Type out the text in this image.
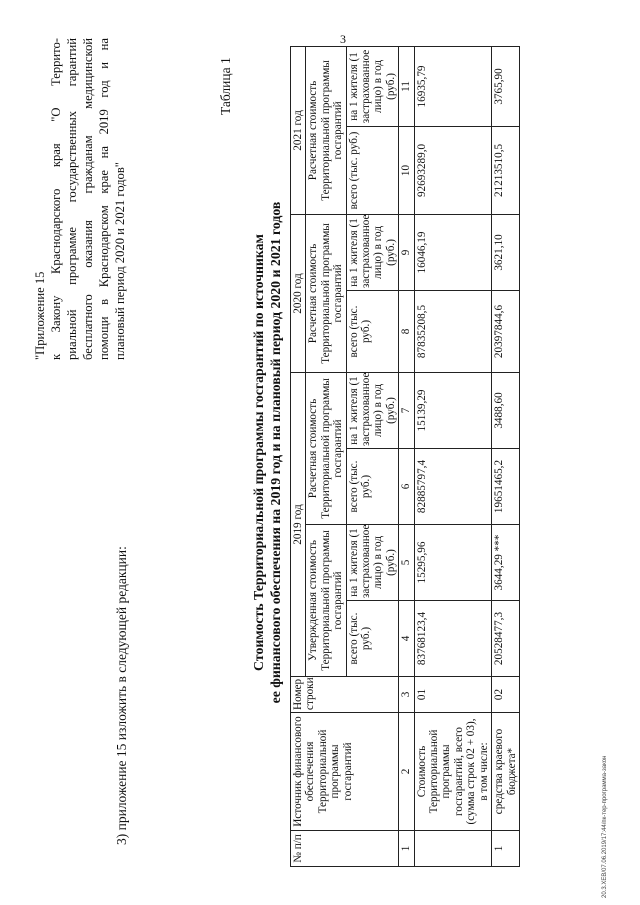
20.3.ХЕВ/07.06.2019/17:44/пк-тер-программа-закон
3) приложение 15 изложить в следующей редакции:
"Приложение 15 к Закону Краснодарского края "О Террито- риальной программе государственных гарантий бесплатного оказания гражданам медицинской помощи в Краснодарском крае на 2019 год и на плановый период 2020 и 2021 годов"
Таблица 1
Стоимость Территориальной программы госгарантий по источникам ее финансового обеспечения на 2019 год и на плановый период 2020 и 2021 годов
№ п/п	Источник финансового обеспечения Территориальной программы госгарантий	Номер строки	2019 год				2020 год		2021 год	
			Утвержденная стоимость Территориальной программы госгарантий		Расчетная стоимость Территориальной программы госгарантий		Расчетная стоимость Территориальной программы госгарантий		Расчетная стоимость Территориальной программы госгарантий	
			всего (тыс. руб.)	на 1 жителя (1 застрахованное лицо) в год (руб.)	всего (тыс. руб.)	на 1 жителя (1 застрахованное лицо) в год (руб.)	всего (тыс. руб.)	на 1 жителя (1 застрахованное лицо) в год (руб.)	всего (тыс. руб.)	на 1 жителя (1 застрахованное лицо) в год (руб.)
1	2	3	4	5	6	7	8	9	10	11
	Стоимость Территориальной программы госгарантий, всего (сумма строк 02 + 03), в том числе:	01	83768123,4	15295,96	82885797,4	15139,29	87835208,5	16046,19	92693289,0	16935,79
1	средства краевого бюджета*	02	20528477,3	3644,29 ***	19651465,2	3488,60	20397844,6	3621,10	21213510,5	3765,90
3
